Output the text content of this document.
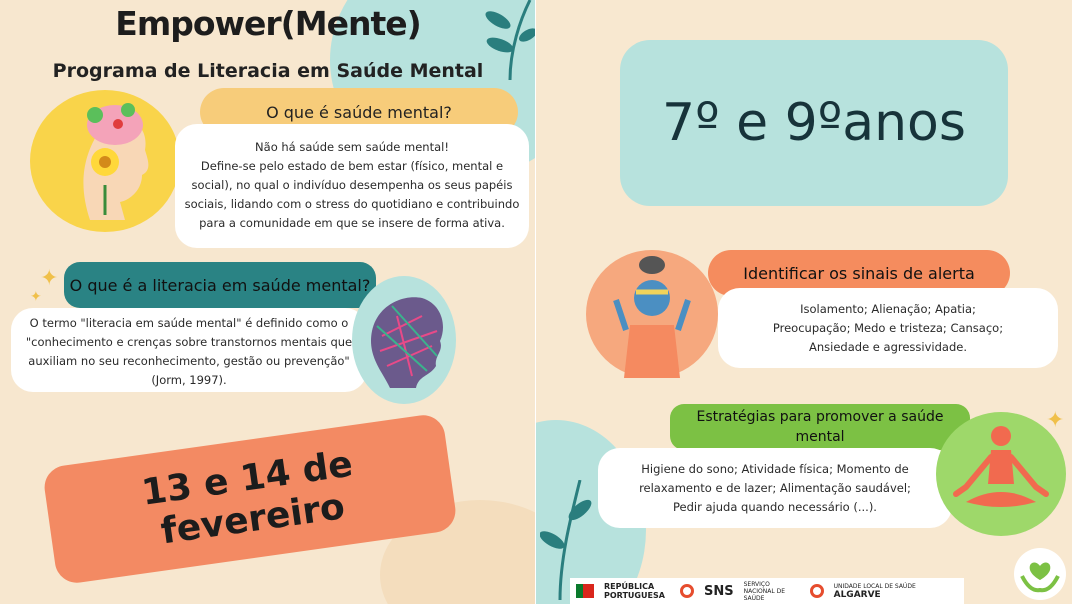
Empower(Mente)
Programa de Literacia em Saúde Mental
O que é saúde mental?
Não há saúde sem saúde mental!
Define-se pelo estado de bem estar (físico, mental e social), no qual o indivíduo desempenha os seus papéis sociais, lidando com o stress do quotidiano e contribuindo para a comunidade em que se insere de forma ativa.
✦
✦
O que é a literacia em saúde mental?
O termo "literacia em saúde mental" é definido como o "conhecimento e crenças sobre transtornos mentais que auxiliam no seu reconhecimento, gestão ou prevenção" (Jorm, 1997).
13 e 14 de fevereiro
7º e 9ºanos
Identificar os sinais de alerta
Isolamento; Alienação; Apatia;
Preocupação; Medo e tristeza; Cansaço;
Ansiedade e agressividade.
Estratégias para promover a saúde mental
Higiene do sono; Atividade física; Momento de
relaxamento e de lazer; Alimentação saudável;
Pedir ajuda quando necessário (...).
✦
REPÚBLICA PORTUGUESA	SNS SERVIÇO NACIONAL DE SAÚDE
UNIDADE LOCAL DE SAÚDE
ALGARVE
